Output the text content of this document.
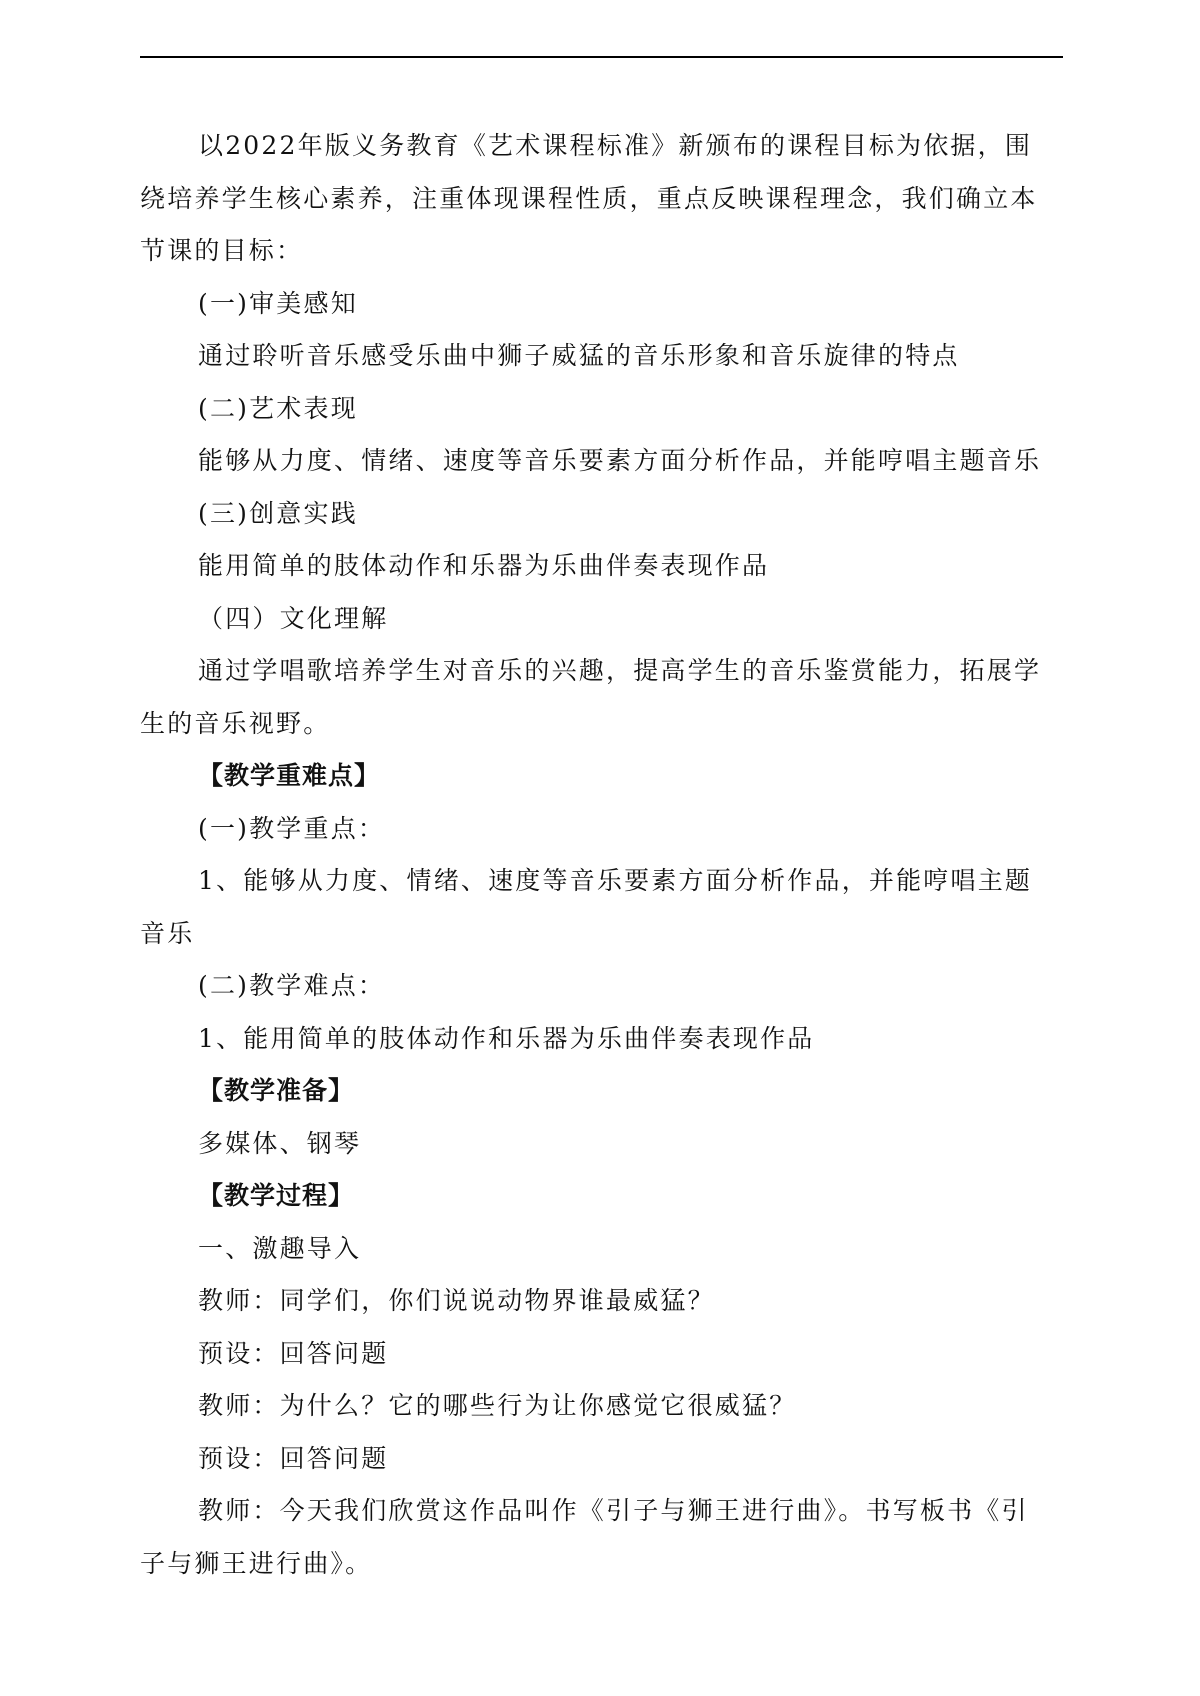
以2022年版义务教育《艺术课程标准》新颁布的课程目标为依据，围
绕培养学生核心素养，注重体现课程性质，重点反映课程理念，我们确立本
节课的目标：
(一)审美感知
通过聆听音乐感受乐曲中狮子威猛的音乐形象和音乐旋律的特点
(二)艺术表现
能够从力度、情绪、速度等音乐要素方面分析作品，并能哼唱主题音乐
(三)创意实践
能用简单的肢体动作和乐器为乐曲伴奏表现作品
（四）文化理解
通过学唱歌培养学生对音乐的兴趣，提高学生的音乐鉴赏能力，拓展学
生的音乐视野。
【教学重难点】
(一)教学重点：
1、能够从力度、情绪、速度等音乐要素方面分析作品，并能哼唱主题
音乐
(二)教学难点：
1、能用简单的肢体动作和乐器为乐曲伴奏表现作品
【教学准备】
多媒体、钢琴
【教学过程】
一、激趣导入
教师：同学们，你们说说动物界谁最威猛？
预设：回答问题
教师：为什么？它的哪些行为让你感觉它很威猛？
预设：回答问题
教师：今天我们欣赏这作品叫作《引子与狮王进行曲》。书写板书《引
子与狮王进行曲》。
